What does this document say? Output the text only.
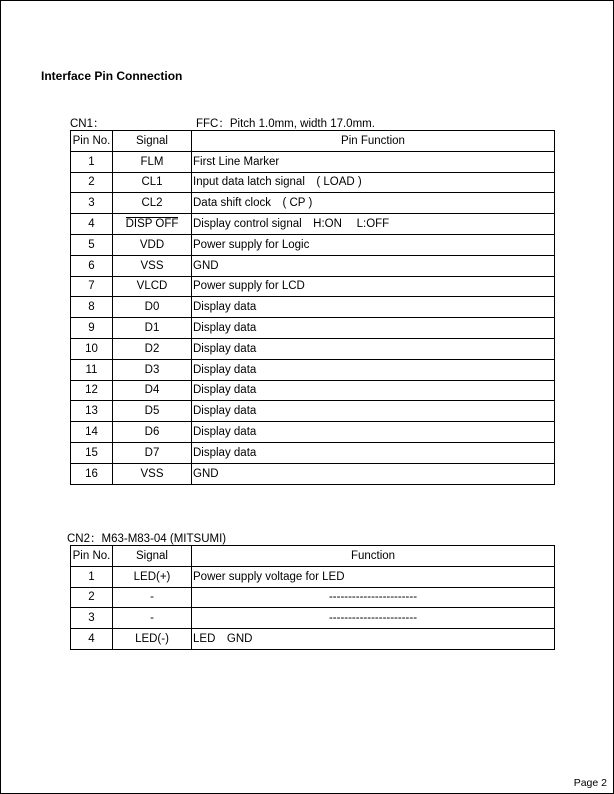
Interface Pin Connection
CN1：	FFC：Pitch 1.0mm, width 17.0mm.
Pin No.	Signal	Pin Function
1	FLM	First Line Marker
2	CL1	Input data latch signal　( LOAD )
3	CL2	Data shift clock　( CP )
4	DISP OFF	Display control signal　H:ON　 L:OFF
5	VDD	Power supply for Logic
6	VSS	GND
7	VLCD	Power supply for LCD
8	D0	Display data
9	D1	Display data
10	D2	Display data
11	D3	Display data
12	D4	Display data
13	D5	Display data
14	D6	Display data
15	D7	Display data
16	VSS	GND
CN2：M63-M83-04 (MITSUMI)
Pin No.	Signal	Function
1	LED(+)	Power supply voltage for LED
2	-	-----------------------
3	-	-----------------------
4	LED(-)	LED　GND
Page 2
